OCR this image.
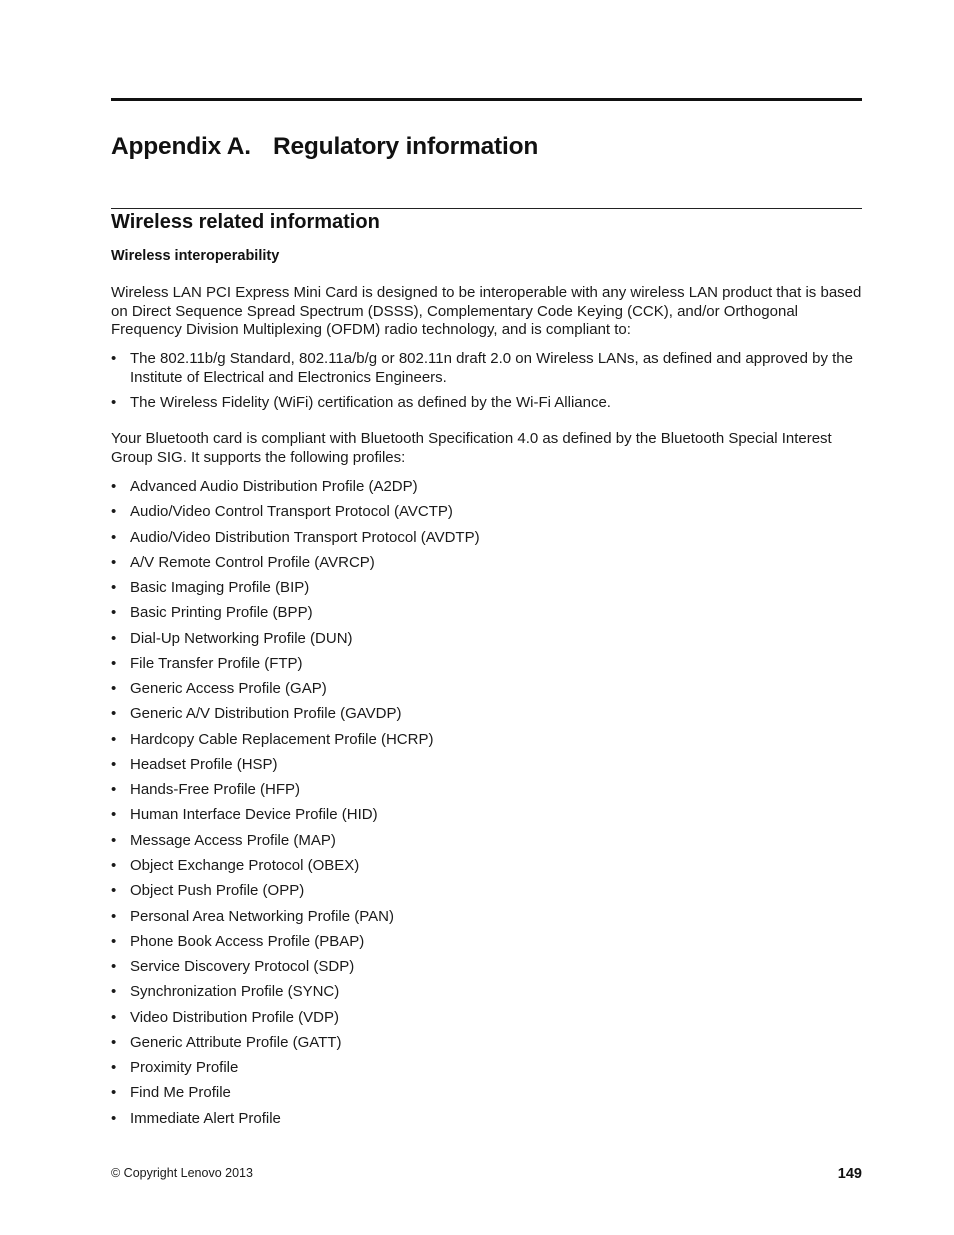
Appendix A. Regulatory information
Wireless related information
Wireless interoperability

Wireless LAN PCI Express Mini Card is designed to be interoperable with any wireless LAN product that is based on Direct Sequence Spread Spectrum (DSSS), Complementary Code Keying (CCK), and/or Orthogonal Frequency Division Multiplexing (OFDM) radio technology, and is compliant to:

• The 802.11b/g Standard, 802.11a/b/g or 802.11n draft 2.0 on Wireless LANs, as defined and approved by the Institute of Electrical and Electronics Engineers.
• The Wireless Fidelity (WiFi) certification as defined by the Wi-Fi Alliance.

Your Bluetooth card is compliant with Bluetooth Specification 4.0 as defined by the Bluetooth Special Interest Group SIG. It supports the following profiles:

• Advanced Audio Distribution Profile (A2DP)
• Audio/Video Control Transport Protocol (AVCTP)
• Audio/Video Distribution Transport Protocol (AVDTP)
• A/V Remote Control Profile (AVRCP)
• Basic Imaging Profile (BIP)
• Basic Printing Profile (BPP)
• Dial-Up Networking Profile (DUN)
• File Transfer Profile (FTP)
• Generic Access Profile (GAP)
• Generic A/V Distribution Profile (GAVDP)
• Hardcopy Cable Replacement Profile (HCRP)
• Headset Profile (HSP)
• Hands-Free Profile (HFP)
• Human Interface Device Profile (HID)
• Message Access Profile (MAP)
• Object Exchange Protocol (OBEX)
• Object Push Profile (OPP)
• Personal Area Networking Profile (PAN)
• Phone Book Access Profile (PBAP)
• Service Discovery Protocol (SDP)
• Synchronization Profile (SYNC)
• Video Distribution Profile (VDP)
• Generic Attribute Profile (GATT)
• Proximity Profile
• Find Me Profile
• Immediate Alert Profile

© Copyright Lenovo 2013	149
